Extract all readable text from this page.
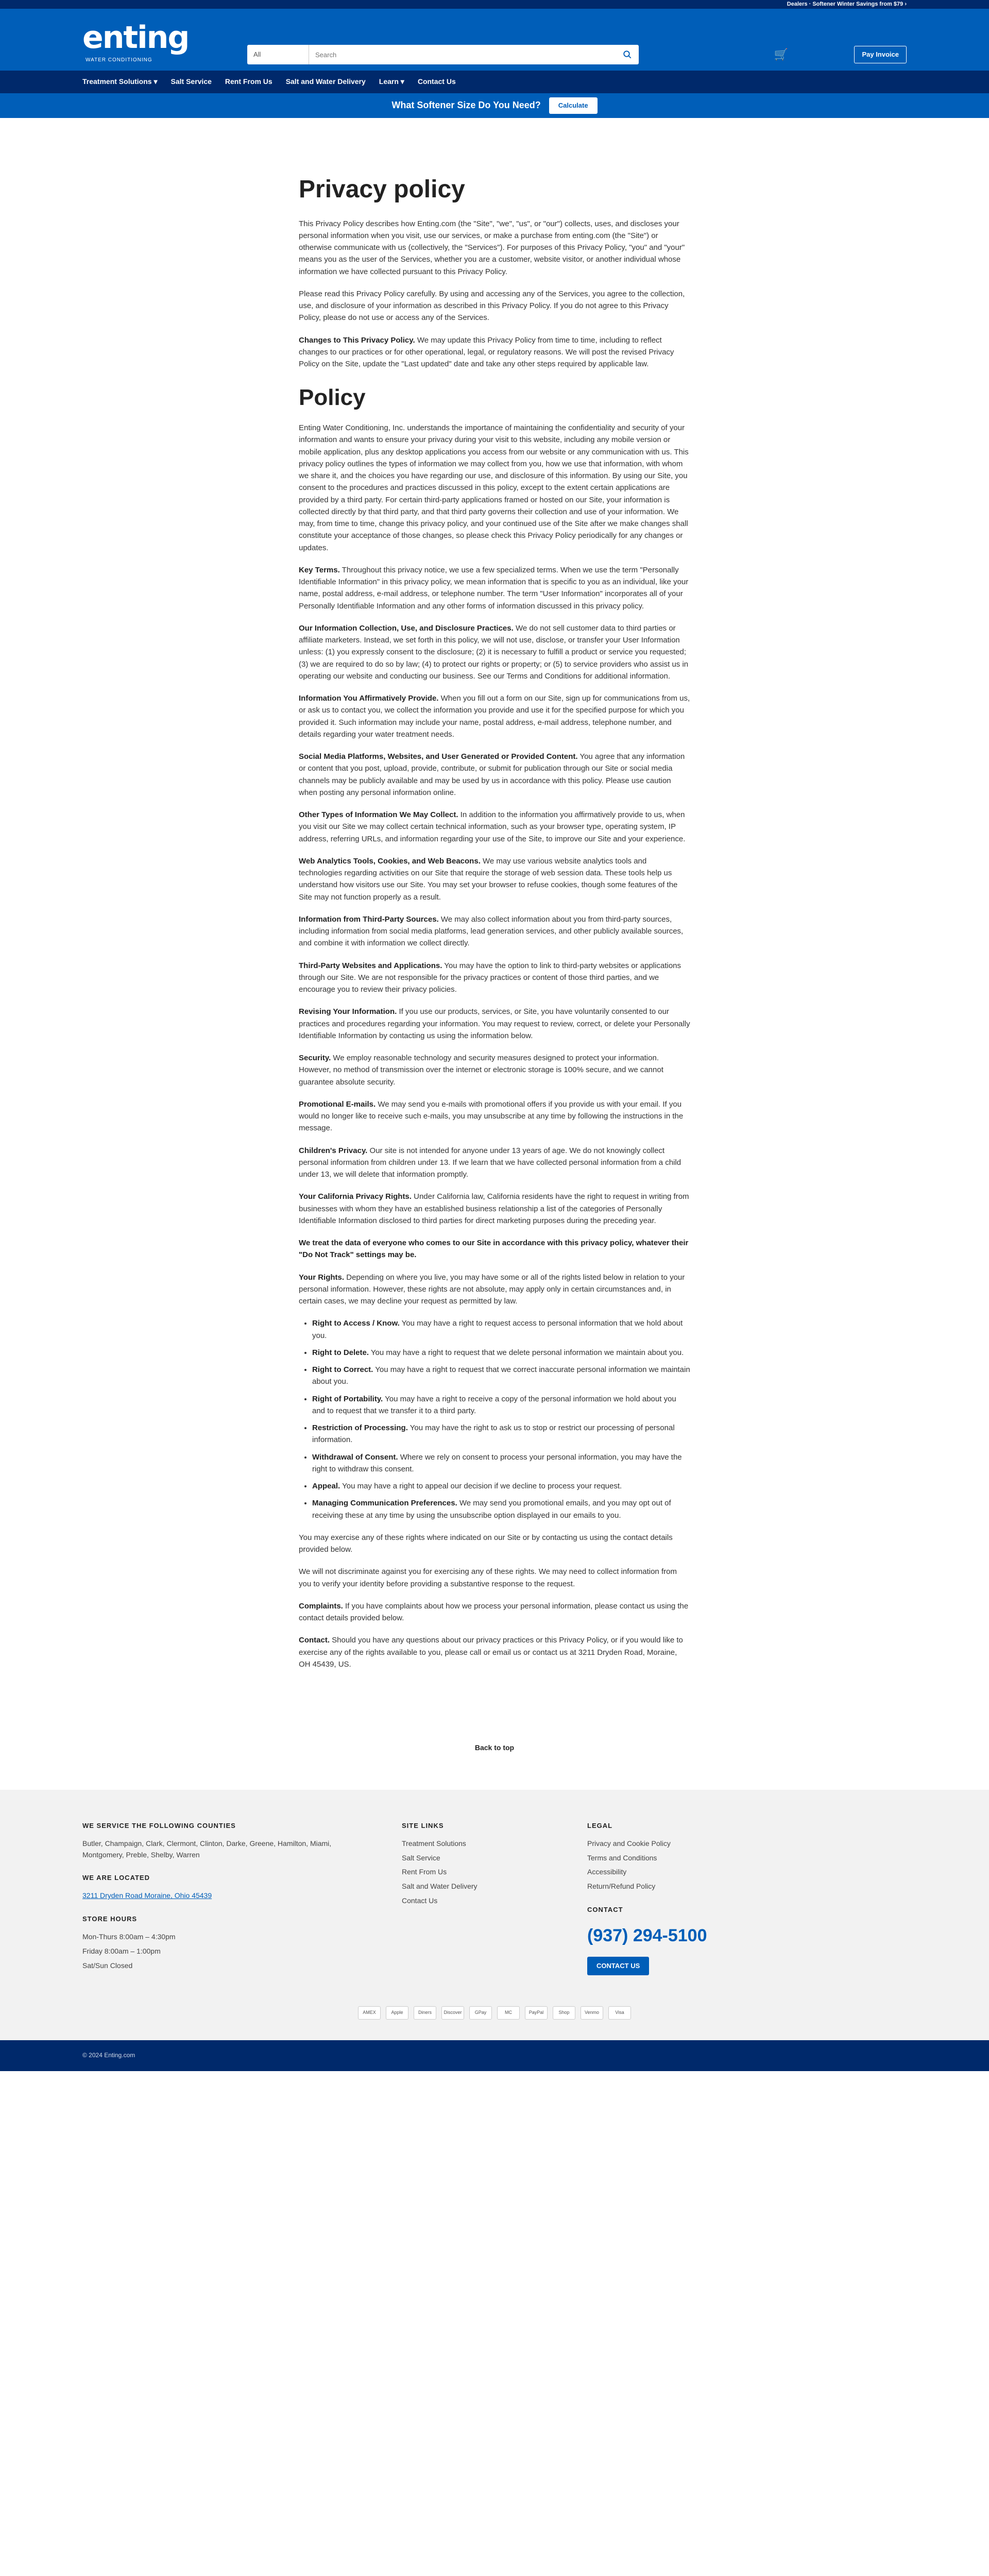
Dealers · Softener Winter Savings from $79 ›
enting
WATER CONDITIONING
All
Search	🛒	Pay Invoice
Treatment Solutions ▾ Salt Service Rent From Us Salt and Water Delivery Learn ▾ Contact Us
What Softener Size Do You Need?	Calculate
Privacy policy

This Privacy Policy describes how Enting.com (the "Site", "we", "us", or "our") collects, uses, and discloses your personal information when you visit, use our services, or make a purchase from enting.com (the "Site") or otherwise communicate with us (collectively, the "Services"). For purposes of this Privacy Policy, "you" and "your" means you as the user of the Services, whether you are a customer, website visitor, or another individual whose information we have collected pursuant to this Privacy Policy.

Please read this Privacy Policy carefully. By using and accessing any of the Services, you agree to the collection, use, and disclosure of your information as described in this Privacy Policy. If you do not agree to this Privacy Policy, please do not use or access any of the Services.

Changes to This Privacy Policy. We may update this Privacy Policy from time to time, including to reflect changes to our practices or for other operational, legal, or regulatory reasons. We will post the revised Privacy Policy on the Site, update the "Last updated" date and take any other steps required by applicable law.

Policy

Enting Water Conditioning, Inc. understands the importance of maintaining the confidentiality and security of your information and wants to ensure your privacy during your visit to this website, including any mobile version or mobile application, plus any desktop applications you access from our website or any communication with us. This privacy policy outlines the types of information we may collect from you, how we use that information, with whom we share it, and the choices you have regarding our use, and disclosure of this information. By using our Site, you consent to the procedures and practices discussed in this policy, except to the extent certain applications are provided by a third party. For certain third-party applications framed or hosted on our Site, your information is collected directly by that third party, and that third party governs their collection and use of your information. We may, from time to time, change this privacy policy, and your continued use of the Site after we make changes shall constitute your acceptance of those changes, so please check this Privacy Policy periodically for any changes or updates.

Key Terms. Throughout this privacy notice, we use a few specialized terms. When we use the term "Personally Identifiable Information" in this privacy policy, we mean information that is specific to you as an individual, like your name, postal address, e-mail address, or telephone number. The term "User Information" incorporates all of your Personally Identifiable Information and any other forms of information discussed in this privacy policy.

Our Information Collection, Use, and Disclosure Practices. We do not sell customer data to third parties or affiliate marketers. Instead, we set forth in this policy, we will not use, disclose, or transfer your User Information unless: (1) you expressly consent to the disclosure; (2) it is necessary to fulfill a product or service you requested; (3) we are required to do so by law; (4) to protect our rights or property; or (5) to service providers who assist us in operating our website and conducting our business. See our Terms and Conditions for additional information.

Information You Affirmatively Provide. When you fill out a form on our Site, sign up for communications from us, or ask us to contact you, we collect the information you provide and use it for the specified purpose for which you provided it. Such information may include your name, postal address, e-mail address, telephone number, and details regarding your water treatment needs.

Social Media Platforms, Websites, and User Generated or Provided Content. You agree that any information or content that you post, upload, provide, contribute, or submit for publication through our Site or social media channels may be publicly available and may be used by us in accordance with this policy. Please use caution when posting any personal information online.

Other Types of Information We May Collect. In addition to the information you affirmatively provide to us, when you visit our Site we may collect certain technical information, such as your browser type, operating system, IP address, referring URLs, and information regarding your use of the Site, to improve our Site and your experience.

Web Analytics Tools, Cookies, and Web Beacons. We may use various website analytics tools and technologies regarding activities on our Site that require the storage of web session data. These tools help us understand how visitors use our Site. You may set your browser to refuse cookies, though some features of the Site may not function properly as a result.

Information from Third-Party Sources. We may also collect information about you from third-party sources, including information from social media platforms, lead generation services, and other publicly available sources, and combine it with information we collect directly.

Third-Party Websites and Applications. You may have the option to link to third-party websites or applications through our Site. We are not responsible for the privacy practices or content of those third parties, and we encourage you to review their privacy policies.

Revising Your Information. If you use our products, services, or Site, you have voluntarily consented to our practices and procedures regarding your information. You may request to review, correct, or delete your Personally Identifiable Information by contacting us using the information below.

Security. We employ reasonable technology and security measures designed to protect your information. However, no method of transmission over the internet or electronic storage is 100% secure, and we cannot guarantee absolute security.

Promotional E-mails. We may send you e-mails with promotional offers if you provide us with your email. If you would no longer like to receive such e-mails, you may unsubscribe at any time by following the instructions in the message.

Children's Privacy. Our site is not intended for anyone under 13 years of age. We do not knowingly collect personal information from children under 13. If we learn that we have collected personal information from a child under 13, we will delete that information promptly.

Your California Privacy Rights. Under California law, California residents have the right to request in writing from businesses with whom they have an established business relationship a list of the categories of Personally Identifiable Information disclosed to third parties for direct marketing purposes during the preceding year.

We treat the data of everyone who comes to our Site in accordance with this privacy policy, whatever their "Do Not Track" settings may be.

Your Rights. Depending on where you live, you may have some or all of the rights listed below in relation to your personal information. However, these rights are not absolute, may apply only in certain circumstances and, in certain cases, we may decline your request as permitted by law.

• Right to Access / Know. You may have a right to request access to personal information that we hold about you.
• Right to Delete. You may have a right to request that we delete personal information we maintain about you.
• Right to Correct. You may have a right to request that we correct inaccurate personal information we maintain about you.
• Right of Portability. You may have a right to receive a copy of the personal information we hold about you and to request that we transfer it to a third party.
• Restriction of Processing. You may have the right to ask us to stop or restrict our processing of personal information.
• Withdrawal of Consent. Where we rely on consent to process your personal information, you may have the right to withdraw this consent.
• Appeal. You may have a right to appeal our decision if we decline to process your request.
• Managing Communication Preferences. We may send you promotional emails, and you may opt out of receiving these at any time by using the unsubscribe option displayed in our emails to you.

You may exercise any of these rights where indicated on our Site or by contacting us using the contact details provided below.

We will not discriminate against you for exercising any of these rights. We may need to collect information from you to verify your identity before providing a substantive response to the request.

Complaints. If you have complaints about how we process your personal information, please contact us using the contact details provided below.

Contact. Should you have any questions about our privacy practices or this Privacy Policy, or if you would like to exercise any of the rights available to you, please call or email us or contact us at 3211 Dryden Road, Moraine, OH 45439, US.

Back to top
WE SERVICE THE FOLLOWING COUNTIES

Butler, Champaign, Clark, Clermont, Clinton, Darke, Greene, Hamilton, Miami, Montgomery, Preble, Shelby, Warren

WE ARE LOCATED

3211 Dryden Road Moraine, Ohio 45439

STORE HOURS

Mon-Thurs 8:00am – 4:30pm

Friday 8:00am – 1:00pm

Sat/Sun Closed

SITE LINKS

Treatment Solutions

Salt Service

Rent From Us

Salt and Water Delivery

Contact Us

LEGAL

Privacy and Cookie Policy

Terms and Conditions

Accessibility

Return/Refund Policy

CONTACT
(937) 294-5100
CONTACT US
AMEX	Apple	Diners	Discover	GPay	MC	PayPal	Shop	Venmo	Visa
© 2024 Enting.com
